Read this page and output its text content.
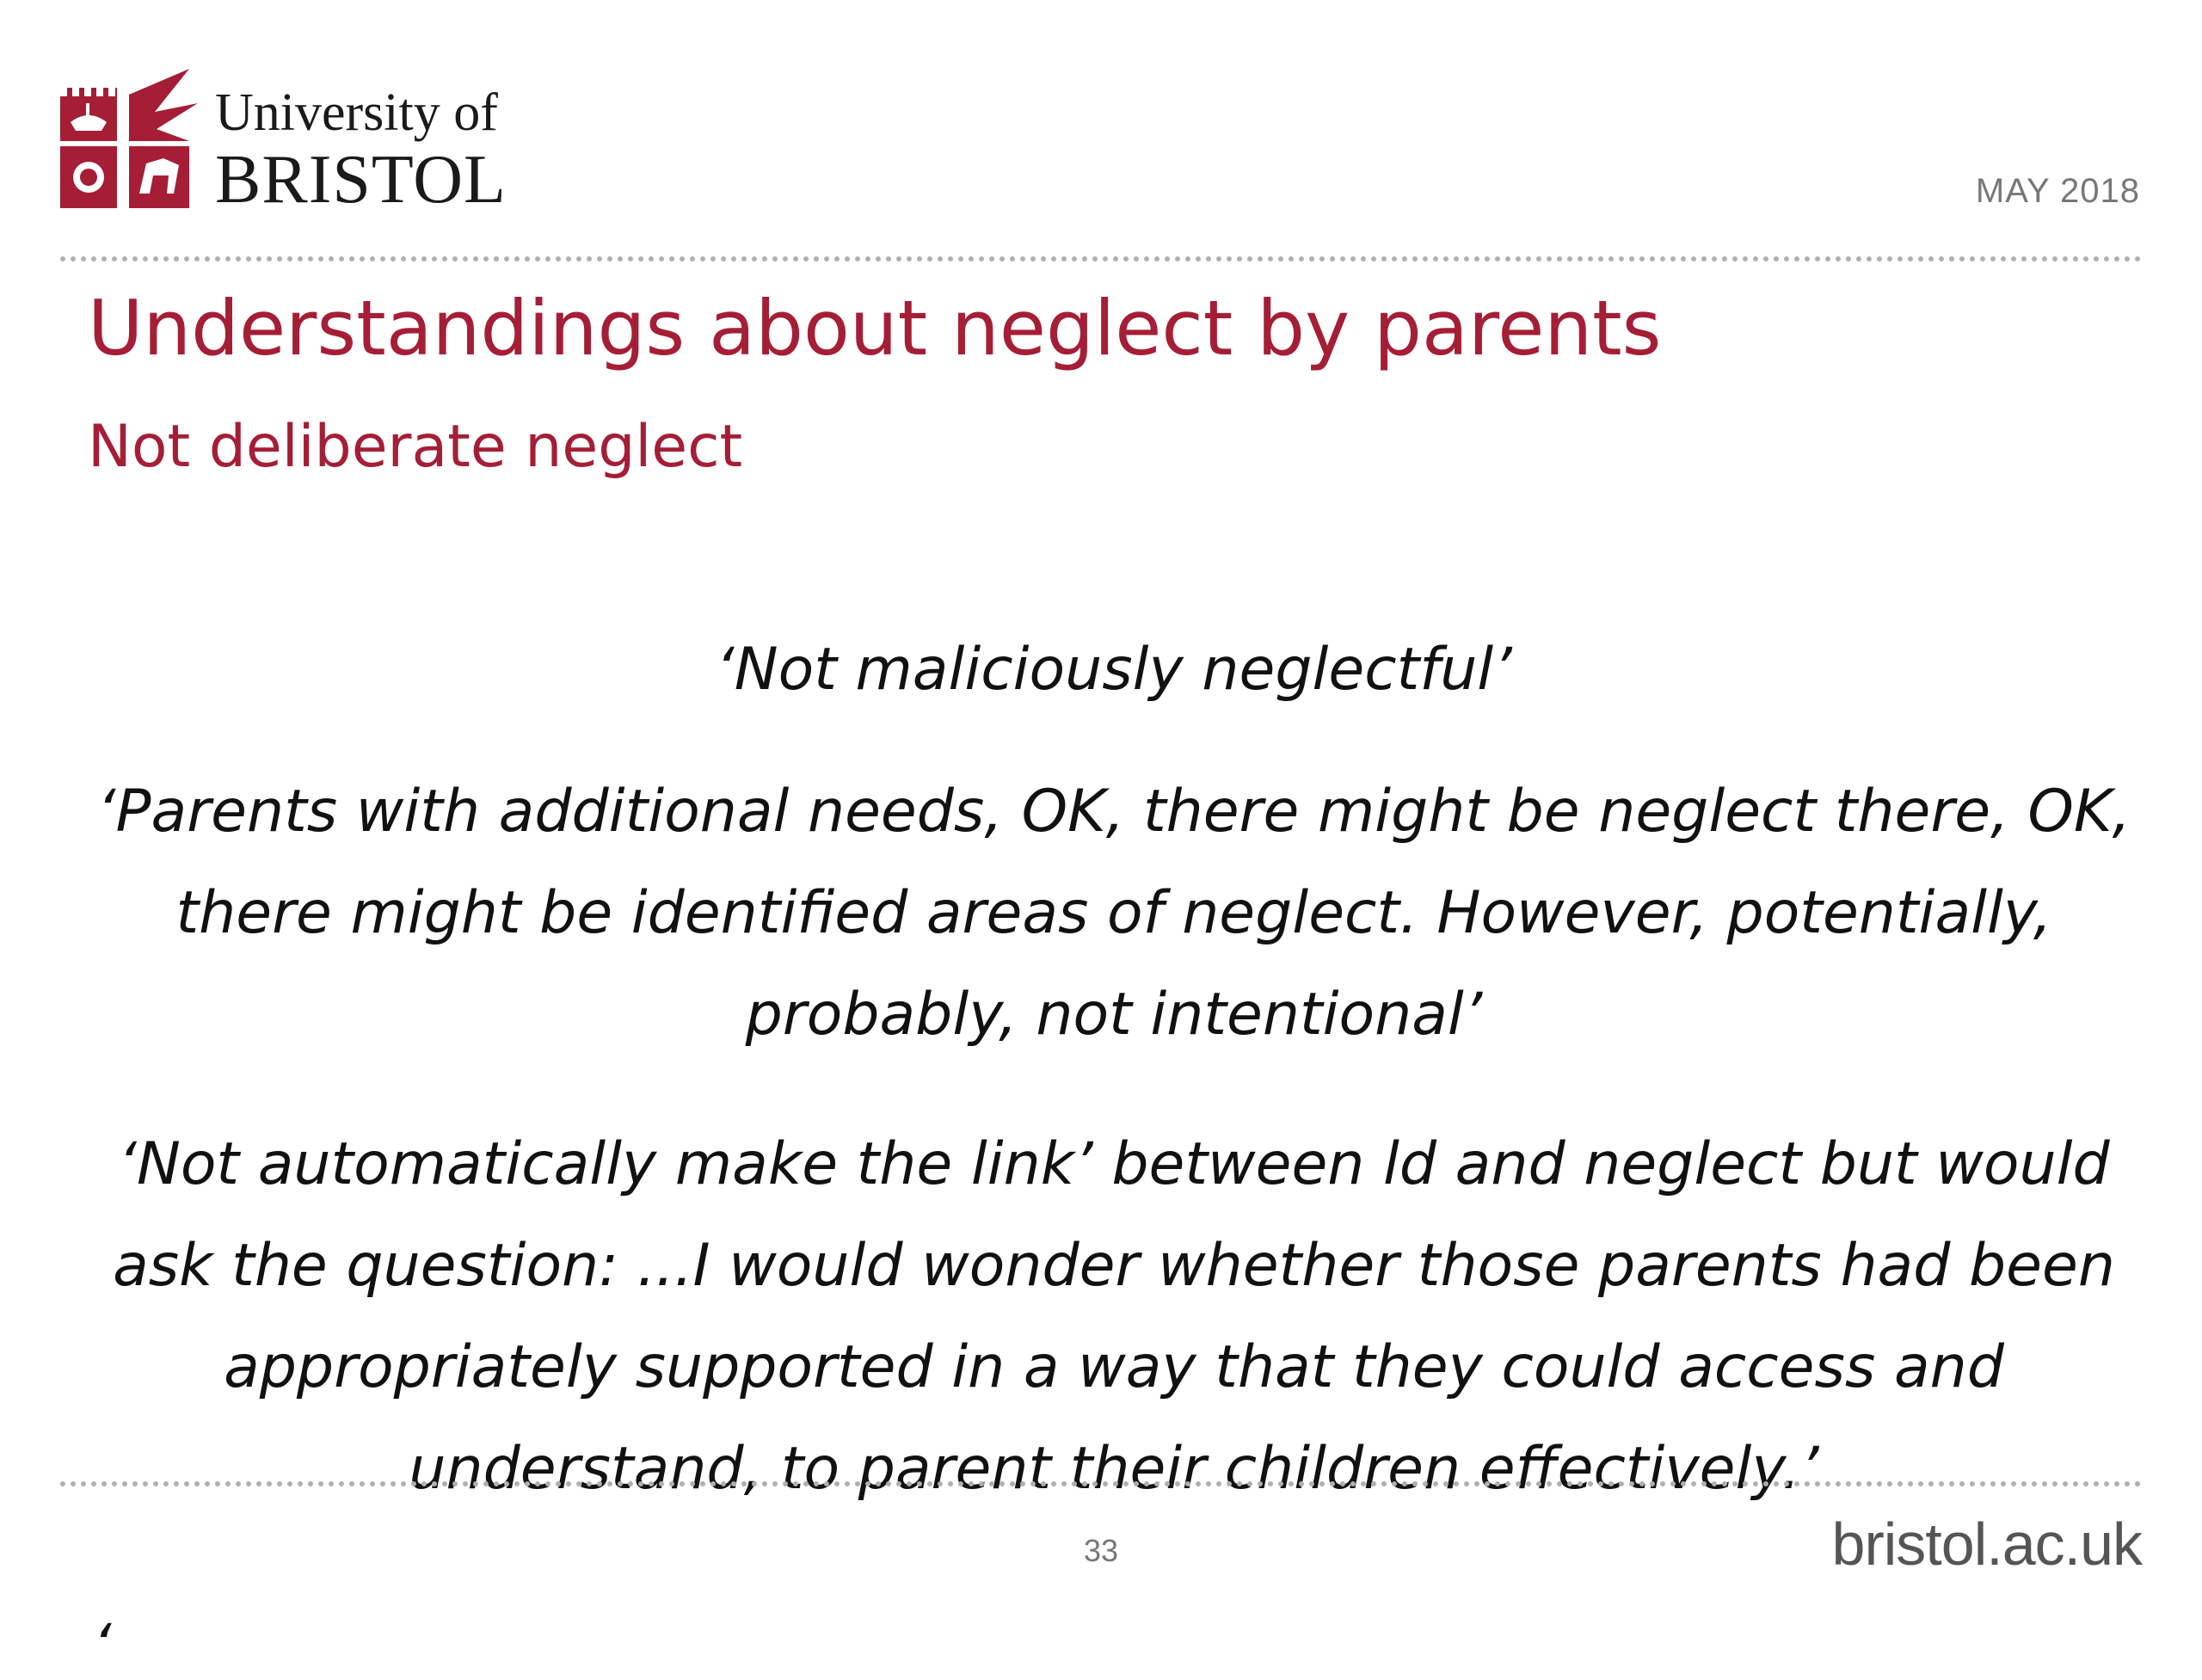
University of
BRISTOL	MAY 2018
Understandings about neglect by parents
Not deliberate neglect
‘Not maliciously neglectful’
‘Parents with additional needs, OK, there might be neglect there, OK, there might be identified areas of neglect. However, potentially, probably, not intentional’
‘Not automatically make the link’ between ld and neglect but would ask the question: ...I would wonder whether those parents had been appropriately supported in a way that they could access and understand, to parent their children effectively.’
33	bristol.ac.uk
‘
